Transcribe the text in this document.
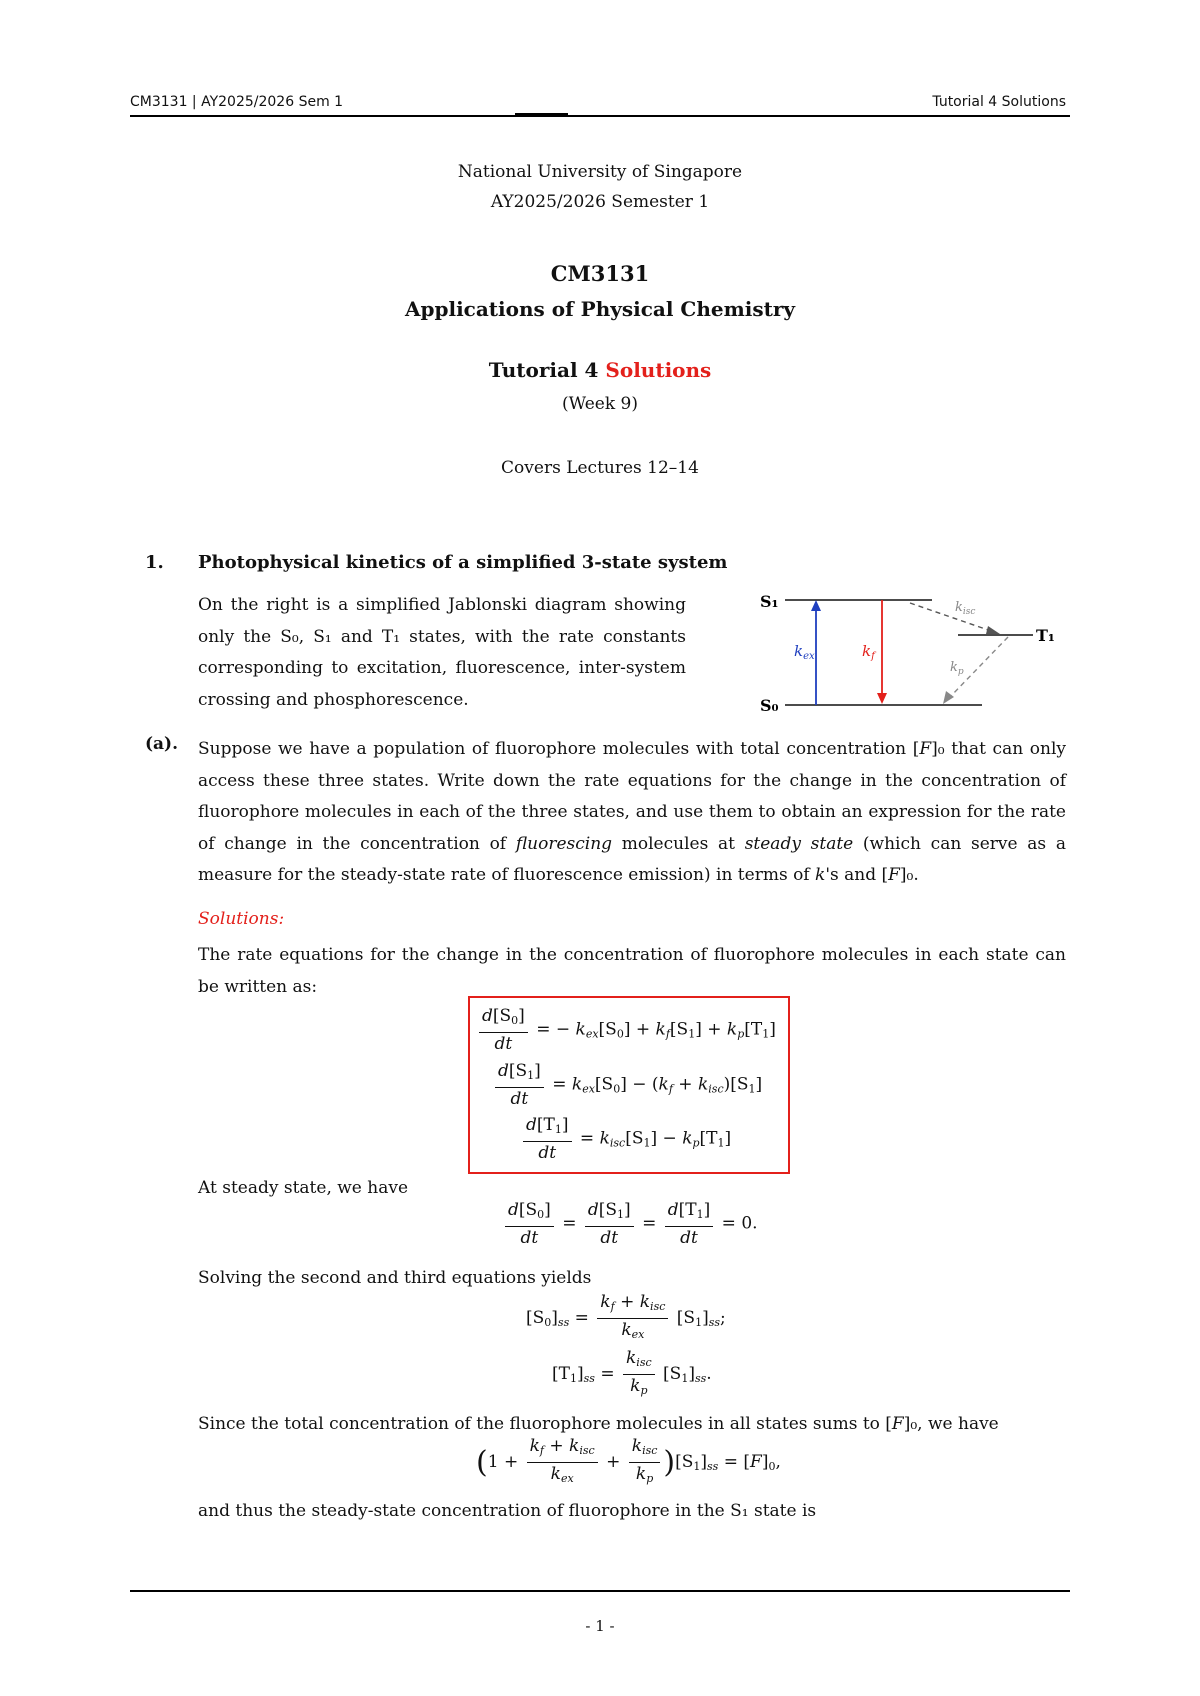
CM3131 | AY2025/2026 Sem 1	Tutorial 4 Solutions
National University of Singapore
AY2025/2026 Semester 1
CM3131
Applications of Physical Chemistry
Tutorial 4 Solutions
(Week 9)
Covers Lectures 12–14
1. Photophysical kinetics of a simplified 3-state system
On the right is a simplified Jablonski diagram showing only the S₀, S₁ and T₁ states, with the rate constants corresponding to excitation, fluorescence, inter-system crossing and phosphorescence.
S₁
S₀
T₁
$k_{ex}$	$k_f$
$k_{isc}$
$k_p$
(a). Suppose we have a population of fluorophore molecules with total concentration [F]₀ that can only access these three states. Write down the rate equations for the change in the concentration of fluorophore molecules in each of the three states, and use them to obtain an expression for the rate of change in the concentration of fluorescing molecules at steady state (which can serve as a measure for the steady-state rate of fluorescence emission) in terms of k's and [F]₀.
Solutions:
The rate equations for the change in the concentration of fluorophore molecules in each state can be written as:
$\frac{d[S_0]}{dt}$ = − $k_{ex}[S_0] + k_f[S_1] + k_p[T_1]$
$\frac{d[S_1]}{dt} = k_{ex}[S_0] - (k_f + k_{isc})[S_1]$
$\frac{d[T_1]}{dt} = k_{isc}[S_1] - k_p[T_1]$
At steady state, we have
$\frac{d[S_0]}{dt} = \frac{d[S_1]}{dt} = \frac{d[T_1]}{dt} = 0$.
Solving the second and third equations yields
$[S_0]_{ss} = \frac{k_f + k_{isc}}{k_{ex}} [S_1]_{ss}$;
$[T_1]_{ss} = \frac{k_{isc}}{k_p} [S_1]_{ss}$.
Since the total concentration of the fluorophore molecules in all states sums to [F]₀, we have
$(1 + \frac{k_f + k_{isc}}{k_{ex}} + \frac{k_{isc}}{k_p} )[S_1]_{ss} = [F]_0$,
and thus the steady-state concentration of fluorophore in the S₁ state is
- 1 -
